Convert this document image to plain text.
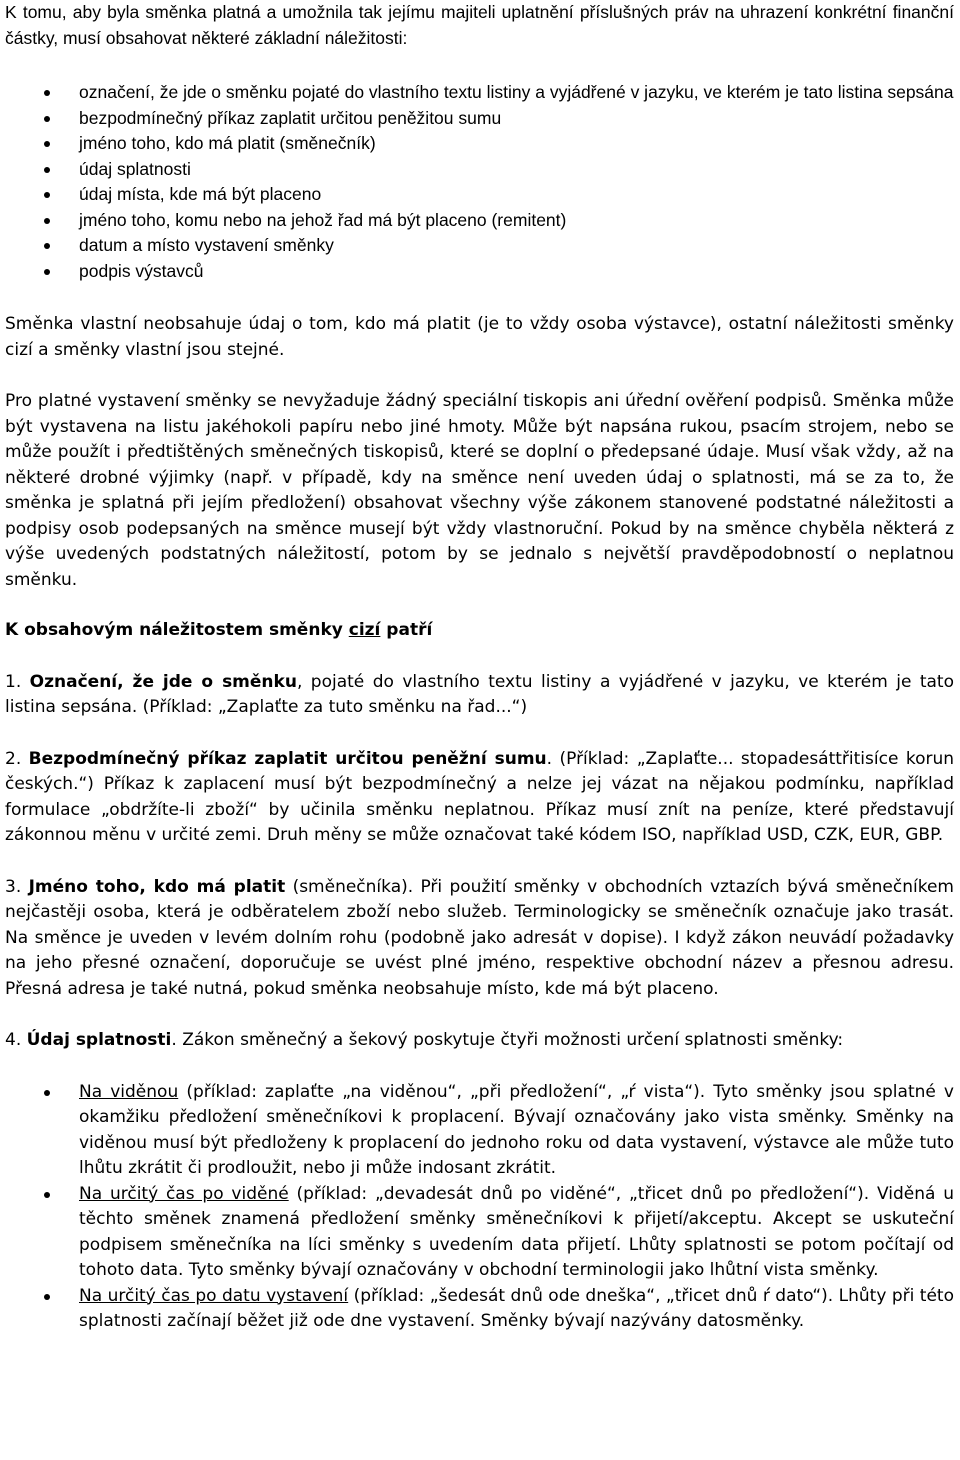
K tomu, aby byla směnka platná a umožnila tak jejímu majiteli uplatnění příslušných práv na uhrazení konkrétní finanční částky, musí obsahovat některé základní náležitosti:

označení, že jde o směnku pojaté do vlastního textu listiny a vyjádřené v jazyku, ve kterém je tato listina sepsána
bezpodmínečný příkaz zaplatit určitou peněžitou sumu
jméno toho, kdo má platit (směnečník)
údaj splatnosti
údaj místa, kde má být placeno
jméno toho, komu nebo na jehož řad má být placeno (remitent)
datum a místo vystavení směnky
podpis výstavců

Směnka vlastní neobsahuje údaj o tom, kdo má platit (je to vždy osoba výstavce), ostatní náležitosti směnky cizí a směnky vlastní jsou stejné.

Pro platné vystavení směnky se nevyžaduje žádný speciální tiskopis ani úřední ověření podpisů. Směnka může být vystavena na listu jakéhokoli papíru nebo jiné hmoty. Může být napsána rukou, psacím strojem, nebo se může použít i předtištěných směnečných tiskopisů, které se doplní o předepsané údaje. Musí však vždy, až na některé drobné výjimky (např. v případě, kdy na směnce není uveden údaj o splatnosti, má se za to, že směnka je splatná při jejím předložení) obsahovat všechny výše zákonem stanovené podstatné náležitosti a podpisy osob podepsaných na směnce musejí být vždy vlastnoruční. Pokud by na směnce chyběla některá z výše uvedených podstatných náležitostí, potom by se jednalo s největší pravděpodobností o neplatnou směnku.

K obsahovým náležitostem směnky cizí patří

1. Označení, že jde o směnku, pojaté do vlastního textu listiny a vyjádřené v jazyku, ve kterém je tato listina sepsána. (Příklad: „Zaplaťte za tuto směnku na řad...“)

2. Bezpodmínečný příkaz zaplatit určitou peněžní sumu. (Příklad: „Zaplaťte... stopadesáttřitisíce korun českých.“) Příkaz k zaplacení musí být bezpodmínečný a nelze jej vázat na nějakou podmínku, například formulace „obdržíte-li zboží“ by učinila směnku neplatnou. Příkaz musí znít na peníze, které představují zákonnou měnu v určité zemi. Druh měny se může označovat také kódem ISO, například USD, CZK, EUR, GBP.

3. Jméno toho, kdo má platit (směnečníka). Při použití směnky v obchodních vztazích bývá směnečníkem nejčastěji osoba, která je odběratelem zboží nebo služeb. Terminologicky se směnečník označuje jako trasát. Na směnce je uveden v levém dolním rohu (podobně jako adresát v dopise). I když zákon neuvádí požadavky na jeho přesné označení, doporučuje se uvést plné jméno, respektive obchodní název a přesnou adresu. Přesná adresa je také nutná, pokud směnka neobsahuje místo, kde má být placeno.

4. Údaj splatnosti. Zákon směnečný a šekový poskytuje čtyři možnosti určení splatnosti směnky:

Na viděnou (příklad: zaplaťte „na viděnou“, „při předložení“, „ŕ vista“). Tyto směnky jsou splatné v okamžiku předložení směnečníkovi k proplacení. Bývají označovány jako vista směnky. Směnky na viděnou musí být předloženy k proplacení do jednoho roku od data vystavení, výstavce ale může tuto lhůtu zkrátit či prodloužit, nebo ji může indosant zkrátit.
Na určitý čas po viděné (příklad: „devadesát dnů po viděné“, „třicet dnů po předložení“). Viděná u těchto směnek znamená předložení směnky směnečníkovi k přijetí/akceptu. Akcept se uskuteční podpisem směnečníka na líci směnky s uvedením data přijetí. Lhůty splatnosti se potom počítají od tohoto data. Tyto směnky bývají označovány v obchodní terminologii jako lhůtní vista směnky.
Na určitý čas po datu vystavení (příklad: „šedesát dnů ode dneška“, „třicet dnů ŕ dato“). Lhůty při této splatnosti začínají běžet již ode dne vystavení. Směnky bývají nazývány datosměnky.
